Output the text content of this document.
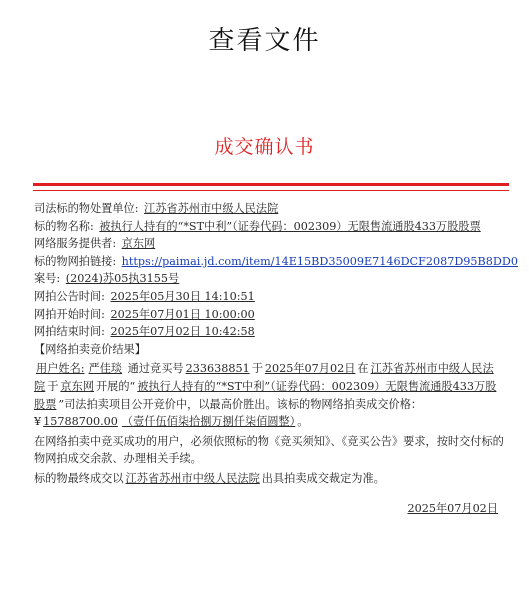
查看文件
成交确认书
司法标的物处置单位: 江苏省苏州市中级人民法院
标的物名称: 被执行人持有的“*ST中利”（证券代码：002309）无限售流通股433万股股票
网络服务提供者: 京东网
标的物网拍链接: https://paimai.jd.com/item/14E15BD35009E7146DCF2087D95B8DD0
案号: (2024)苏05执3155号
网拍公告时间: 2025年05月30日 14:10:51
网拍开始时间: 2025年07月01日 10:00:00
网拍结束时间: 2025年07月02日 10:42:58
【网络拍卖竞价结果】
用户姓名: 严佳琰 通过竞买号 233638851 于 2025年07月02日 在 江苏省苏州市中级人民法院 于 京东网 开展的“ 被执行人持有的“*ST中利”（证券代码：002309）无限售流通股433万股股票 ”司法拍卖项目公开竞价中，以最高价胜出。该标的物网络拍卖成交价格：¥ 15788700.00 （壹仟伍佰柒拾捌万捌仟柒佰圆整） 。
在网络拍卖中竞买成功的用户，必须依照标的物《竞买须知》、《竞买公告》要求，按时交付标的物网拍成交余款、办理相关手续。
标的物最终成交以 江苏省苏州市中级人民法院 出具拍卖成交裁定为准。
2025年07月02日
